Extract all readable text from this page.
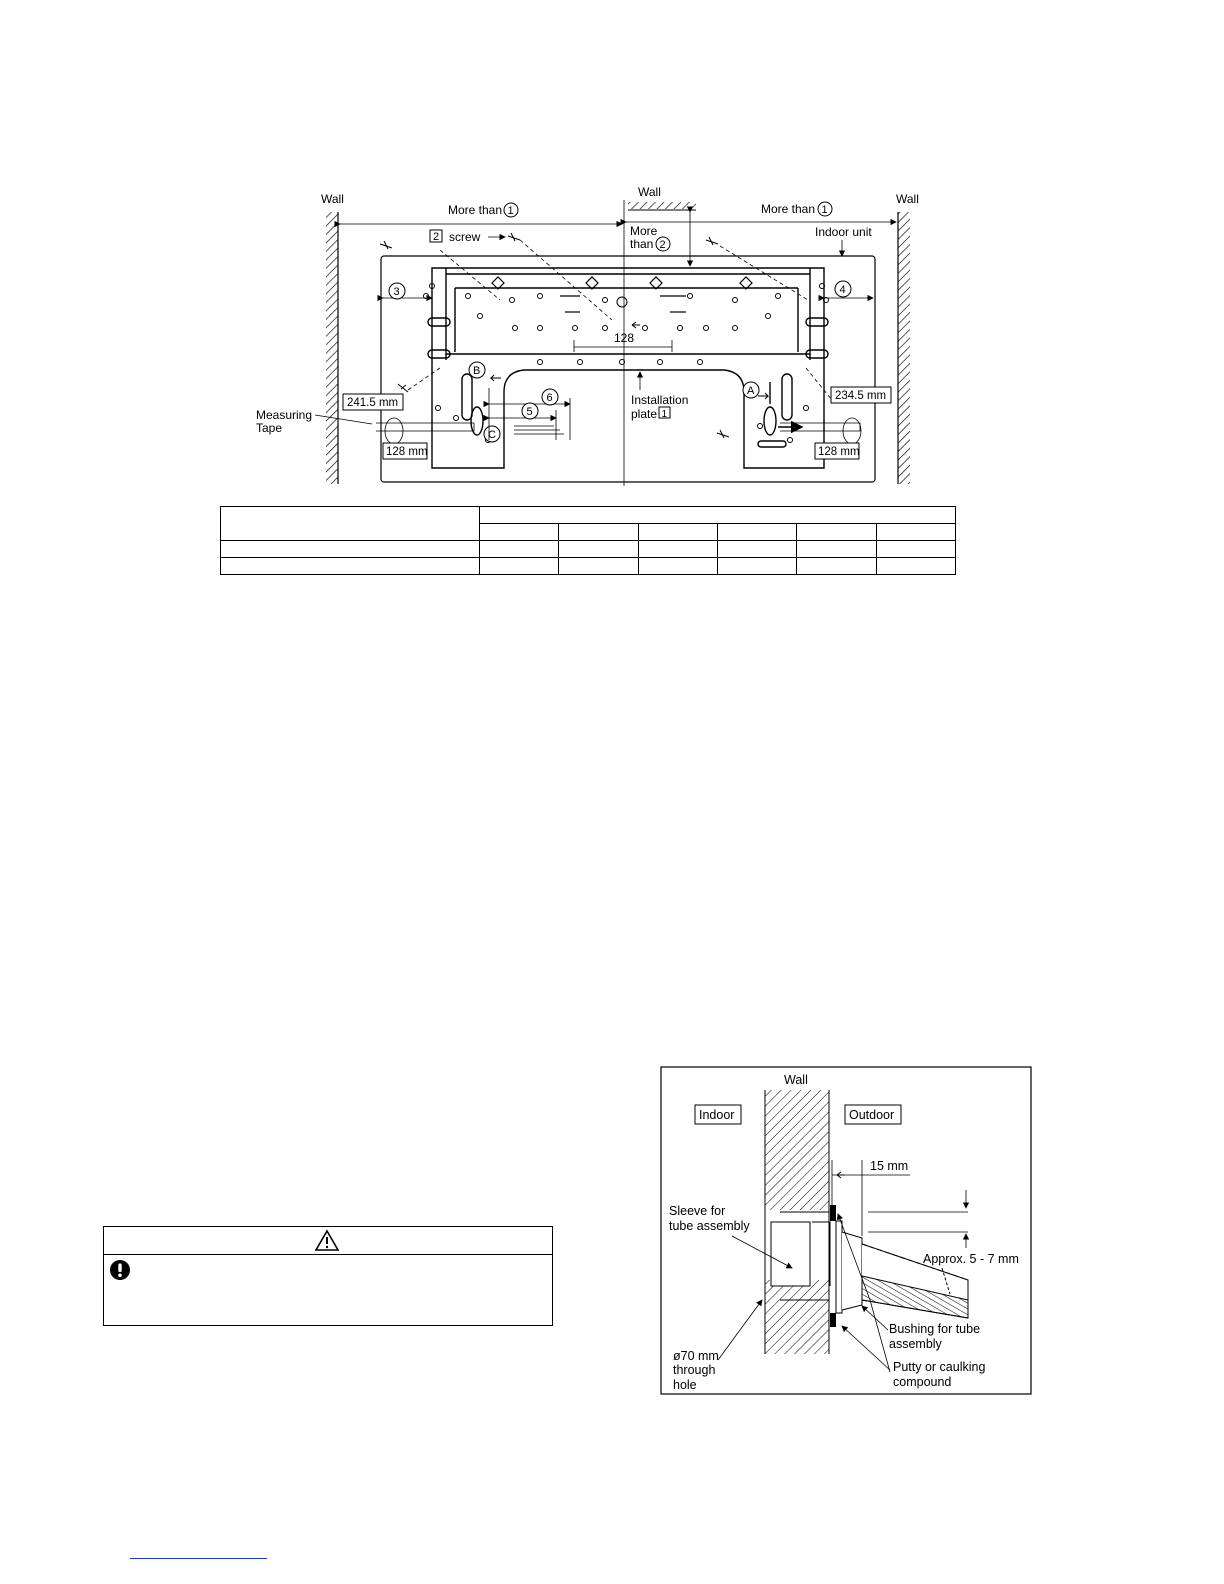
Wall	Wall	Wall
More than 1	More than 1
More
than 2
2 screw	Indoor unit
128
3	4
Installation
plate 1
B
A
C
6
5
Measuring
Tape
241.5 mm
128 mm
234.5 mm
128 mm

15 mm
Approx. 5 - 7 mm
Wall
Indoor	Outdoor
Sleeve for
tube assembly
ø70 mm
through
hole
Bushing for tube
assembly
Putty or caulking
compound
